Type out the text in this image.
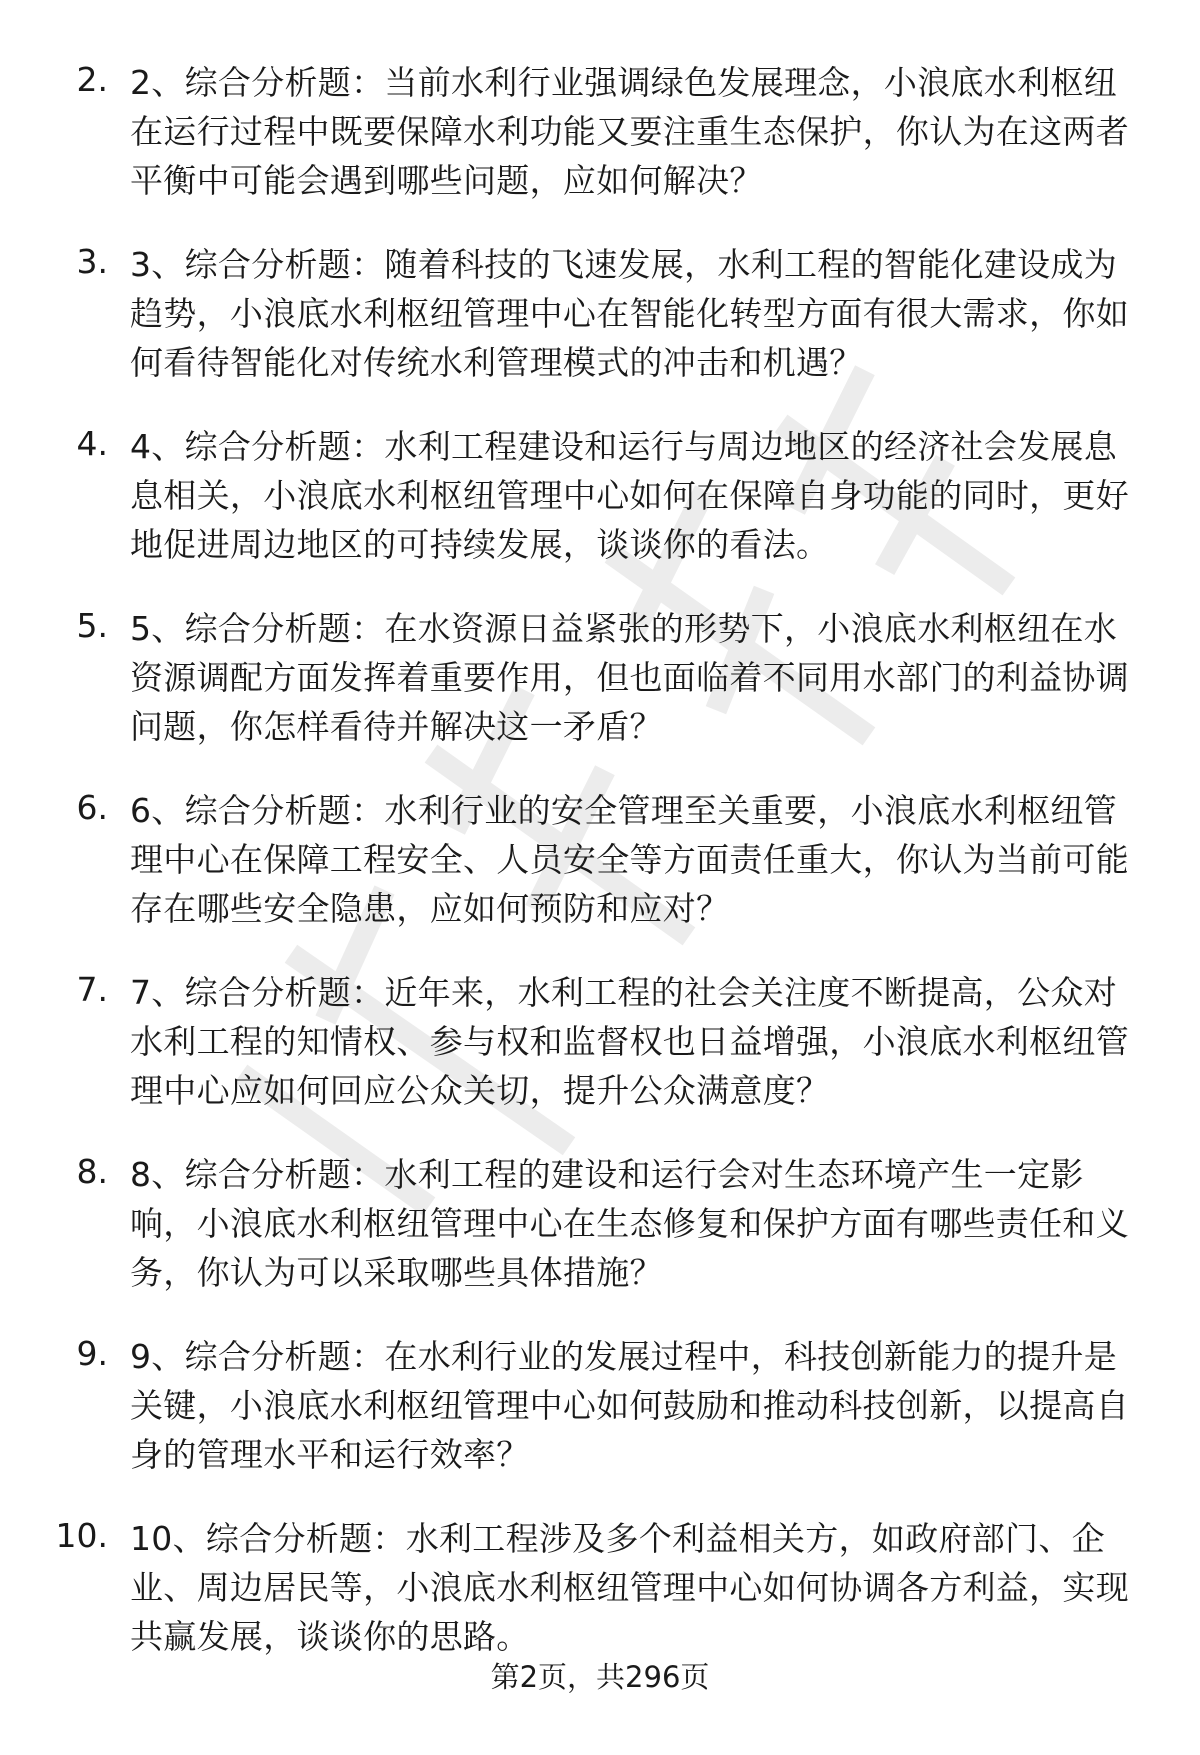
2. 2、综合分析题：当前水利行业强调绿色发展理念，小浪底水利枢纽在运行过程中既要保障水利功能又要注重生态保护，你认为在这两者平衡中可能会遇到哪些问题，应如何解决？
3. 3、综合分析题：随着科技的飞速发展，水利工程的智能化建设成为趋势，小浪底水利枢纽管理中心在智能化转型方面有很大需求，你如何看待智能化对传统水利管理模式的冲击和机遇？
4. 4、综合分析题：水利工程建设和运行与周边地区的经济社会发展息息相关，小浪底水利枢纽管理中心如何在保障自身功能的同时，更好地促进周边地区的可持续发展，谈谈你的看法。
5. 5、综合分析题：在水资源日益紧张的形势下，小浪底水利枢纽在水资源调配方面发挥着重要作用，但也面临着不同用水部门的利益协调问题，你怎样看待并解决这一矛盾？
6. 6、综合分析题：水利行业的安全管理至关重要，小浪底水利枢纽管理中心在保障工程安全、人员安全等方面责任重大，你认为当前可能存在哪些安全隐患，应如何预防和应对？
7. 7、综合分析题：近年来，水利工程的社会关注度不断提高，公众对水利工程的知情权、参与权和监督权也日益增强，小浪底水利枢纽管理中心应如何回应公众关切，提升公众满意度？
8. 8、综合分析题：水利工程的建设和运行会对生态环境产生一定影响，小浪底水利枢纽管理中心在生态修复和保护方面有哪些责任和义务，你认为可以采取哪些具体措施？
9. 9、综合分析题：在水利行业的发展过程中，科技创新能力的提升是关键，小浪底水利枢纽管理中心如何鼓励和推动科技创新，以提高自身的管理水平和运行效率？
10. 10、综合分析题：水利工程涉及多个利益相关方，如政府部门、企业、周边居民等，小浪底水利枢纽管理中心如何协调各方利益，实现共赢发展，谈谈你的思路。
第2页，共296页
